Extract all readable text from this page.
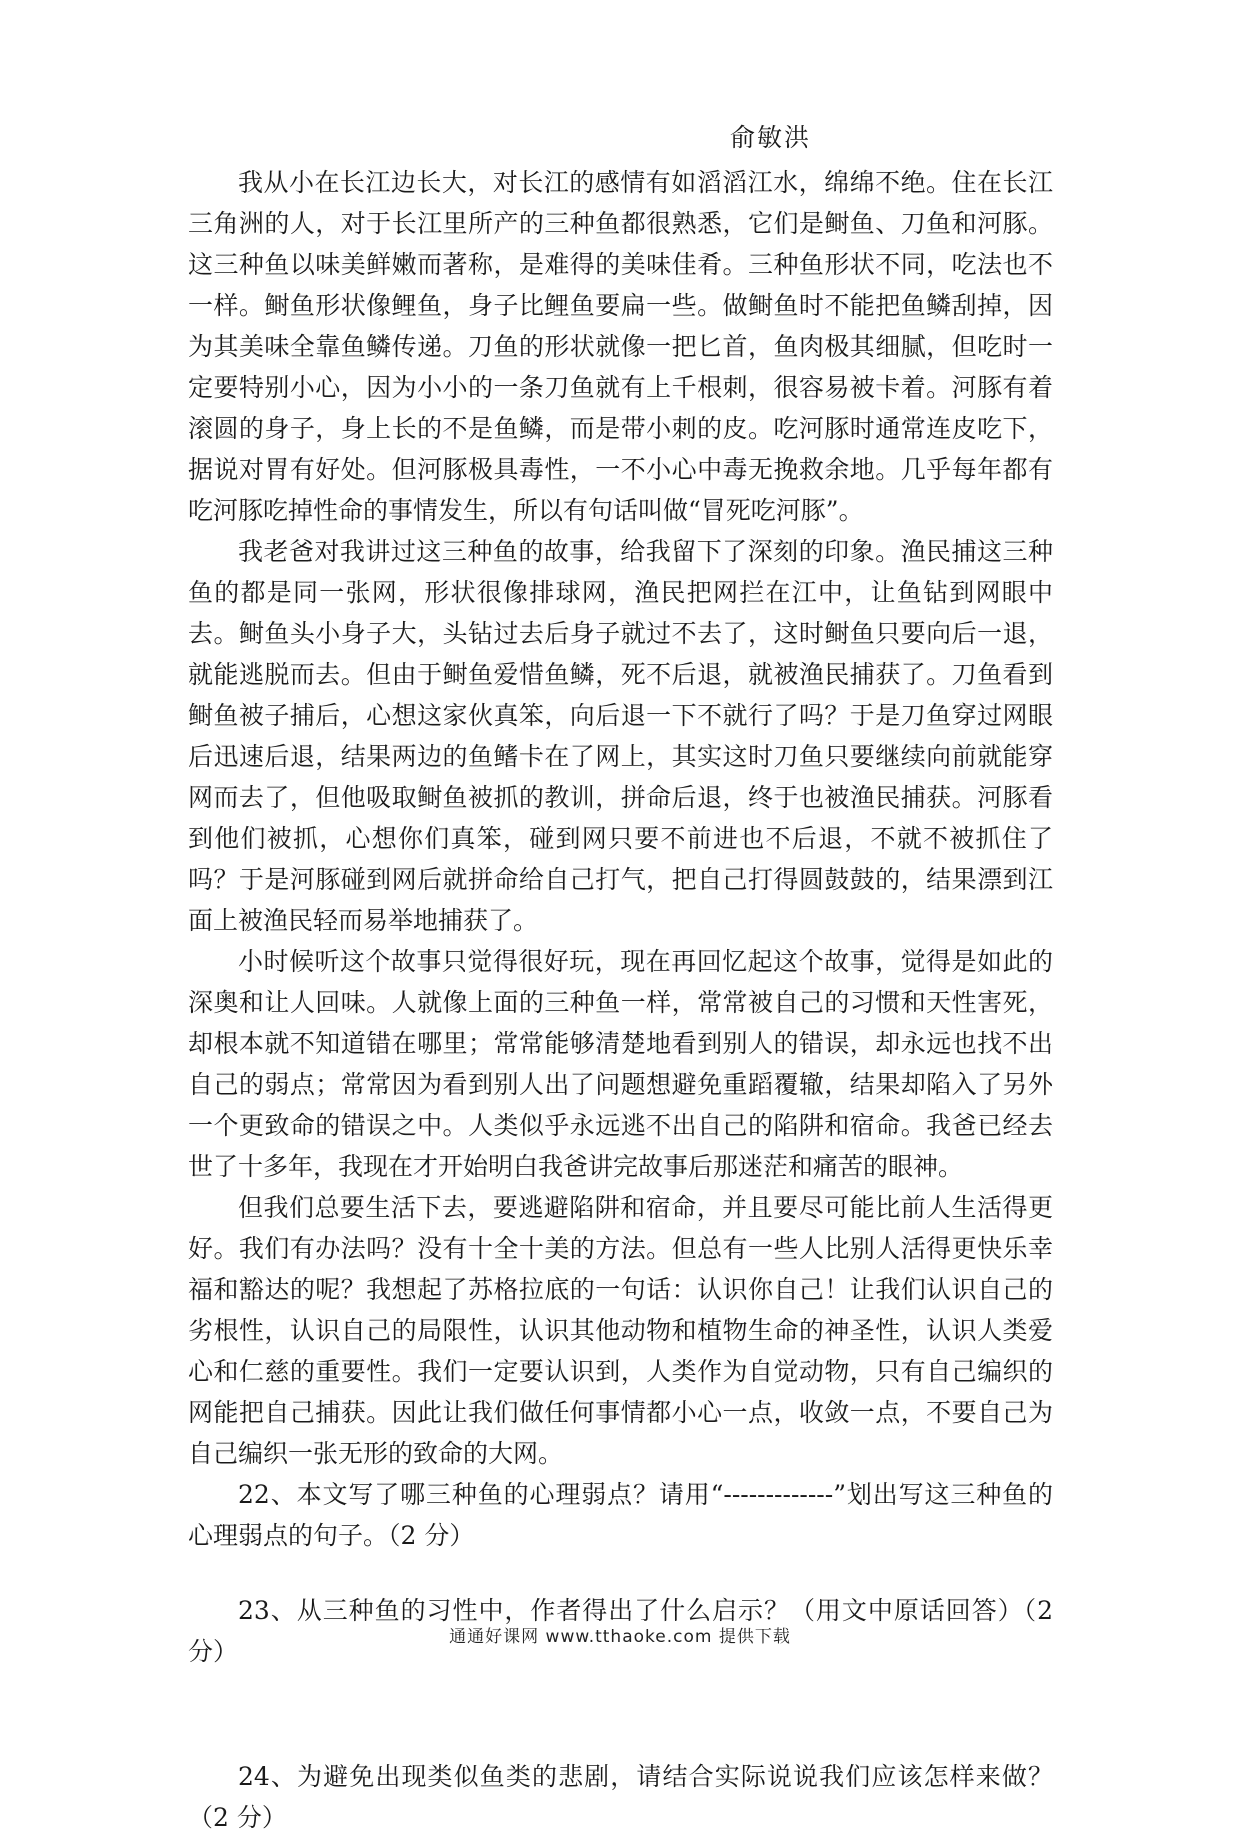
俞敏洪

我从小在长江边长大，对长江的感情有如滔滔江水，绵绵不绝。住在长江三角洲的人，对于长江里所产的三种鱼都很熟悉，它们是鲥鱼、刀鱼和河豚。这三种鱼以味美鲜嫩而著称，是难得的美味佳肴。三种鱼形状不同，吃法也不一样。鲥鱼形状像鲤鱼，身子比鲤鱼要扁一些。做鲥鱼时不能把鱼鳞刮掉，因为其美味全靠鱼鳞传递。刀鱼的形状就像一把匕首，鱼肉极其细腻，但吃时一定要特别小心，因为小小的一条刀鱼就有上千根刺，很容易被卡着。河豚有着滚圆的身子，身上长的不是鱼鳞，而是带小刺的皮。吃河豚时通常连皮吃下，据说对胃有好处。但河豚极具毒性，一不小心中毒无挽救余地。几乎每年都有吃河豚吃掉性命的事情发生，所以有句话叫做“冒死吃河豚”。

我老爸对我讲过这三种鱼的故事，给我留下了深刻的印象。渔民捕这三种鱼的都是同一张网，形状很像排球网，渔民把网拦在江中，让鱼钻到网眼中去。鲥鱼头小身子大，头钻过去后身子就过不去了，这时鲥鱼只要向后一退，就能逃脱而去。但由于鲥鱼爱惜鱼鳞，死不后退，就被渔民捕获了。刀鱼看到鲥鱼被子捕后，心想这家伙真笨，向后退一下不就行了吗？于是刀鱼穿过网眼后迅速后退，结果两边的鱼鳍卡在了网上，其实这时刀鱼只要继续向前就能穿网而去了，但他吸取鲥鱼被抓的教训，拼命后退，终于也被渔民捕获。河豚看到他们被抓，心想你们真笨，碰到网只要不前进也不后退，不就不被抓住了吗？于是河豚碰到网后就拼命给自己打气，把自己打得圆鼓鼓的，结果漂到江面上被渔民轻而易举地捕获了。

小时候听这个故事只觉得很好玩，现在再回忆起这个故事，觉得是如此的深奥和让人回味。人就像上面的三种鱼一样，常常被自己的习惯和天性害死，却根本就不知道错在哪里；常常能够清楚地看到别人的错误，却永远也找不出自己的弱点；常常因为看到别人出了问题想避免重蹈覆辙，结果却陷入了另外一个更致命的错误之中。人类似乎永远逃不出自己的陷阱和宿命。我爸已经去世了十多年，我现在才开始明白我爸讲完故事后那迷茫和痛苦的眼神。

但我们总要生活下去，要逃避陷阱和宿命，并且要尽可能比前人生活得更好。我们有办法吗？没有十全十美的方法。但总有一些人比别人活得更快乐幸福和豁达的呢？我想起了苏格拉底的一句话：认识你自己！让我们认识自己的劣根性，认识自己的局限性，认识其他动物和植物生命的神圣性，认识人类爱心和仁慈的重要性。我们一定要认识到，人类作为自觉动物，只有自己编织的网能把自己捕获。因此让我们做任何事情都小心一点，收敛一点，不要自己为自己编织一张无形的致命的大网。

22、本文写了哪三种鱼的心理弱点？请用“-------------”划出写这三种鱼的心理弱点的句子。（2 分）

23、从三种鱼的习性中，作者得出了什么启示？（用文中原话回答）（2 分）

24、为避免出现类似鱼类的悲剧，请结合实际说说我们应该怎样来做？（2 分）

通通好课网 www.tthaoke.com 提供下载
